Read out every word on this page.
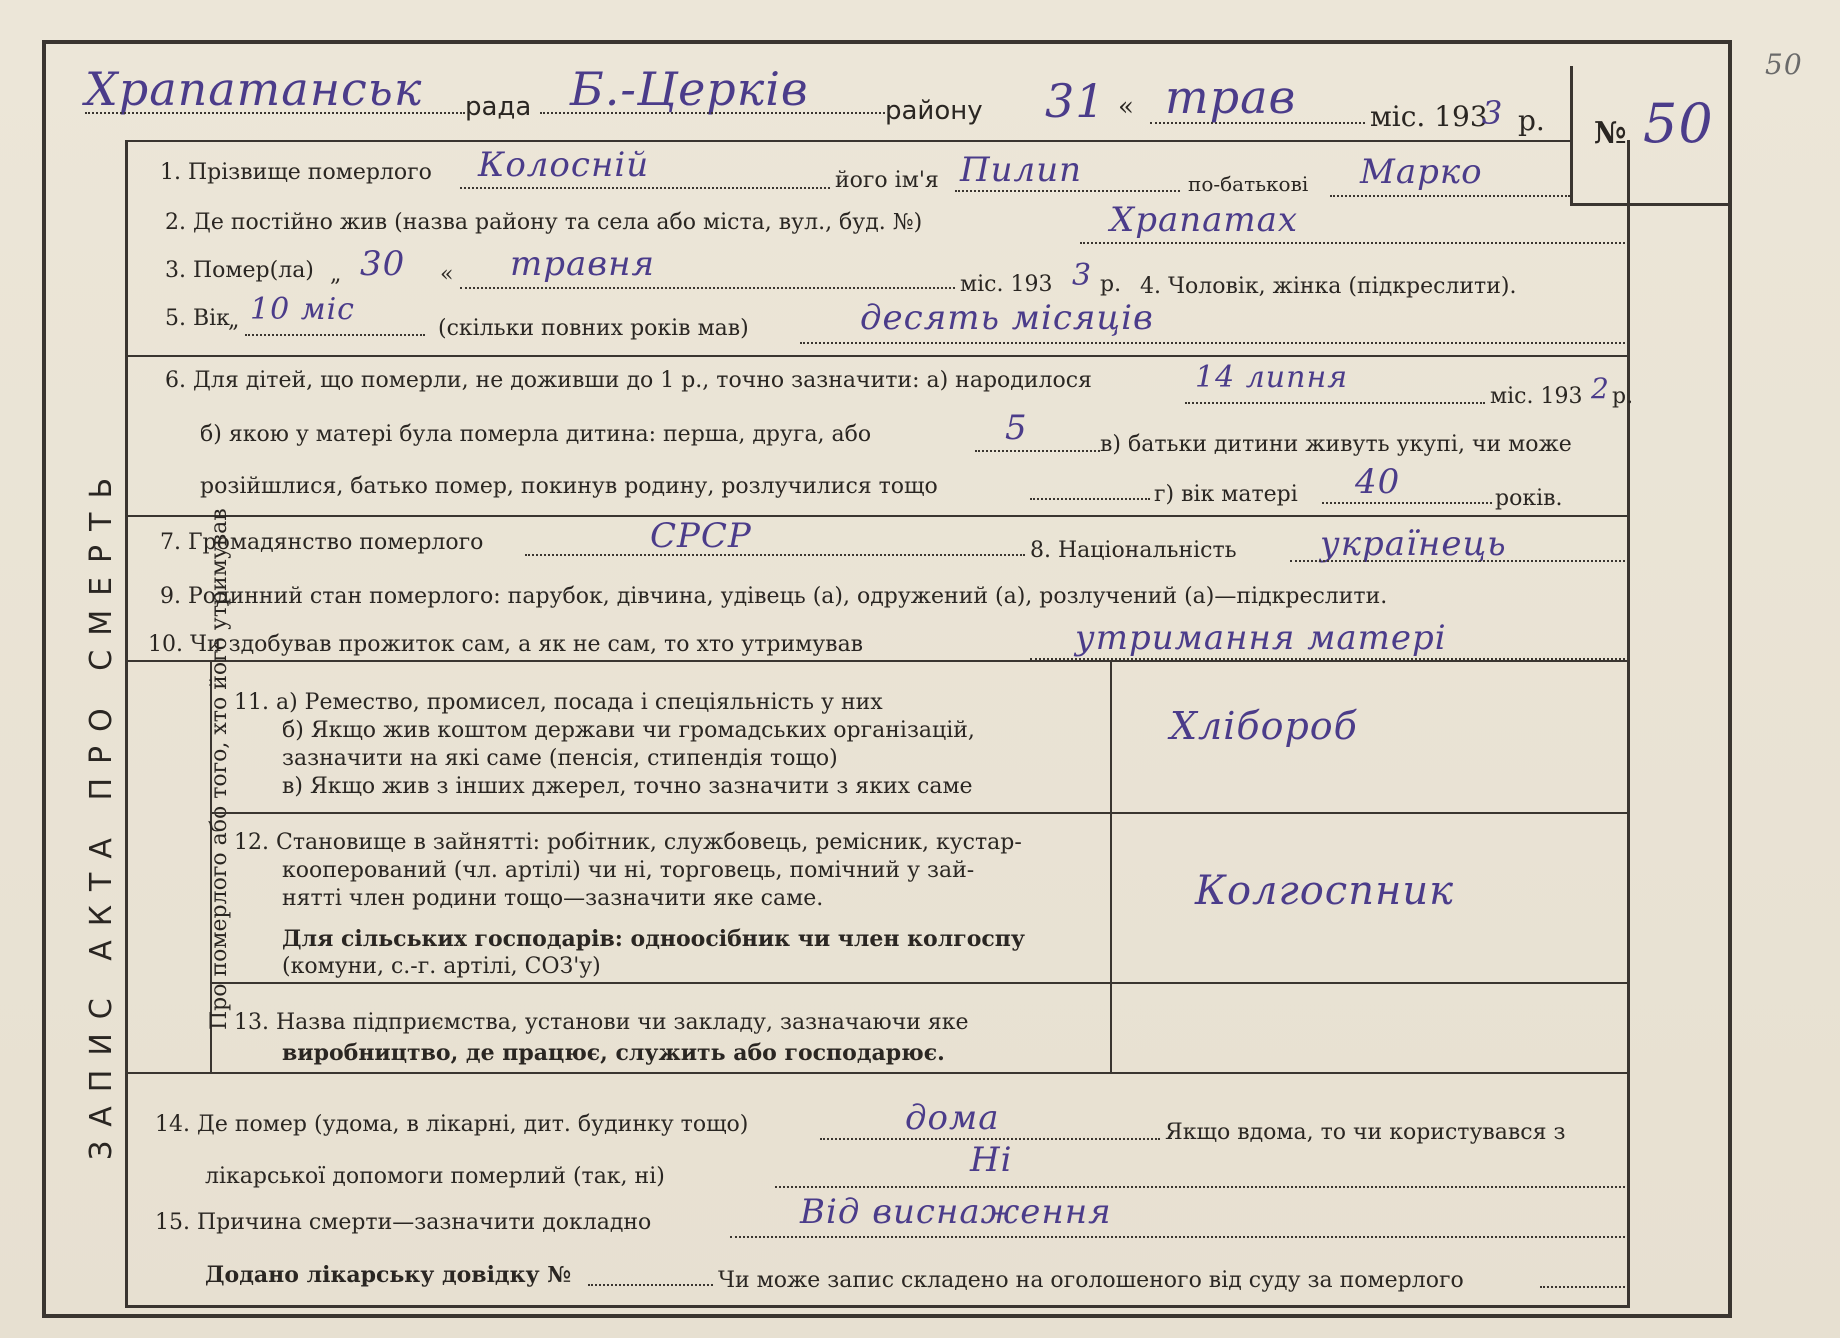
ЗАПИС АКТА ПРО СМЕРТЬ
Храпатанськ рада Б.-Церків	району 31 « трав	міс. 193
3 р. № 50
50
1. Прізвище померлого Колосній	його ім'я Пилип	по-батькові Марко
2. Де постійно жив (назва району та села або міста, вул., буд. №)	Храпатах
3. Помер(ла) „ 30 « травня
міс. 193 3 р. 4. Чоловік, жінка (підкреслити).
5. Вік
„ 10 міс
(скільки повних років мав)	десять місяців
6. Для дітей, що померли, не доживши до 1 р., точно зазначити: а) народилося	14 липня
міс. 193 2 р.
б) якою у матері була померла дитина: перша, друга, або	5	в) батьки дитини живуть укупі, чи може
розійшлися, батько помер, покинув родину, розлучилися тощо	г) вік матері 40	років.
7. Громадянство померлого	СРСР	8. Національність українець
9. Родинний стан померлого: парубок, дівчина, удівець (а), одружений (а), розлучений (а)—підкреслити.
10. Чи здобував прожиток сам, а як не сам, то хто утримував	утримання матері
Про померлого або того, хто його утримував 11. а) Ремество, промисел, посада і спеціяльність у них
б) Якщо жив коштом держави чи громадських організацій,
зазначити на які саме (пенсія, стипендія тощо)
в) Якщо жив з інших джерел, точно зазначити з яких саме
Хлібороб
12. Становище в зайнятті: робітник, службовець, ремісник, кустар-
кооперований (чл. артілі) чи ні, торговець, помічний у зай-
нятті член родини тощо—зазначити яке саме.
Для сільських господарів: одноосібник чи член колгоспу
(комуни, с.-г. артілі, СОЗ'у)
Колгоспник
13. Назва підприємства, установи чи закладу, зазначаючи яке
виробництво, де працює, служить або господарює.
14. Де помер (удома, в лікарні, дит. будинку тощо)	дома	Якщо вдома, то чи користувався з
лікарської допомоги померлий (так, ні)	Ні
15. Причина смерти—зазначити докладно	Від виснаження
Додано лікарську довідку №	Чи може запис складено на оголошеного від суду за померлого
